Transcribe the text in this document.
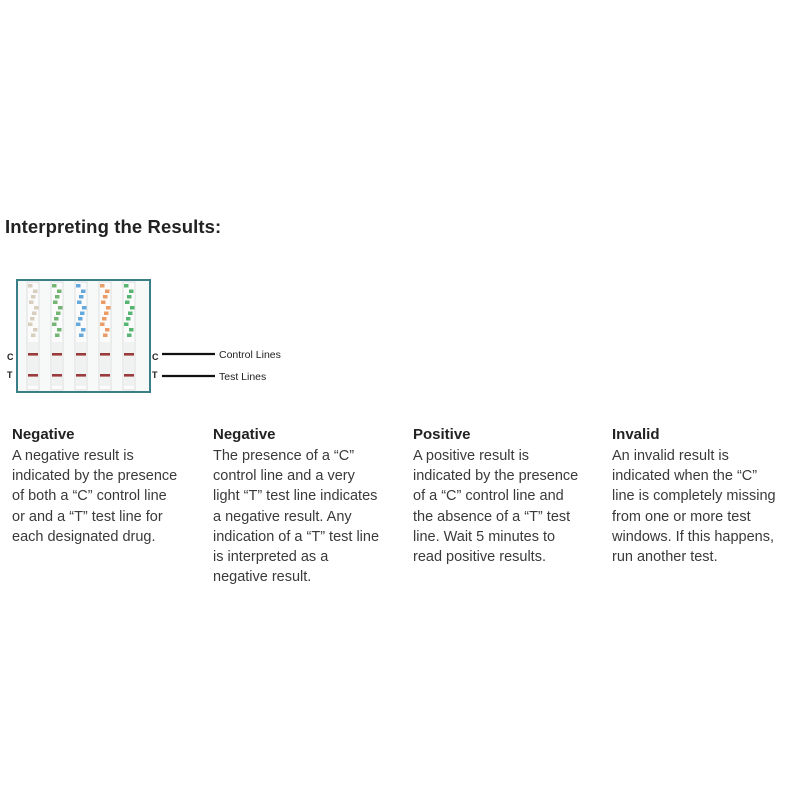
Interpreting the Results:
C
T
C
T
Control Lines
Test Lines

Negative

A negative result is
indicated by the presence
of both a “C” control line
or and a “T” test line for
each designated drug.

Negative

The presence of a “C”
control line and a very
light “T” test line indicates
a negative result. Any
indication of a “T” test line
is interpreted as a
negative result.

Positive

A positive result is
indicated by the presence
of a “C” control line and
the absence of a “T” test
line. Wait 5 minutes to
read positive results.

Invalid

An invalid result is
indicated when the “C”
line is completely missing
from one or more test
windows. If this happens,
run another test.
